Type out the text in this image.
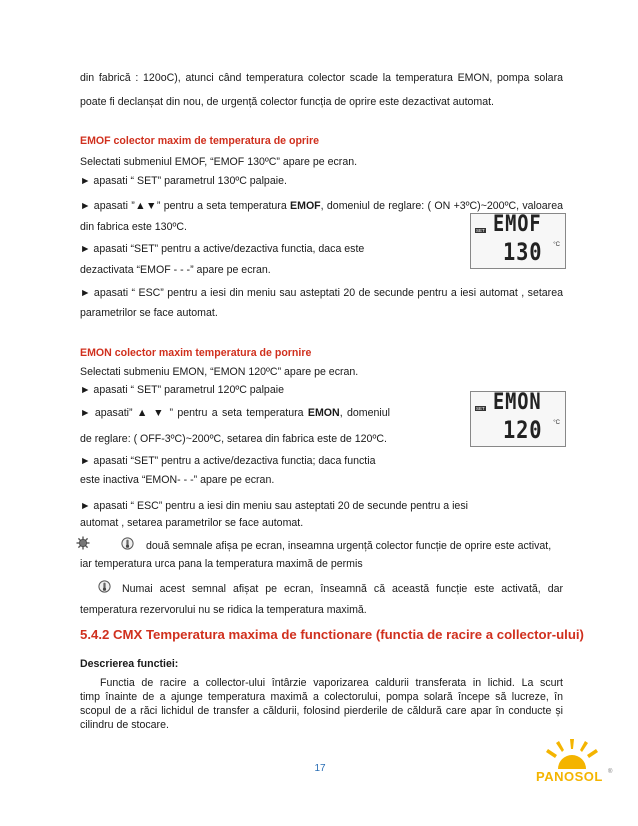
din fabrică : 120oC), atunci când temperatura colector scade la temperatura EMON, pompa solara
poate fi declanșat din nou, de urgență colector funcția de oprire este dezactivat automat.
EMOF colector maxim de temperatura de oprire
Selectati submeniul EMOF, “EMOF 130ºC” apare pe ecran.
► apasati “ SET” parametrul 130ºC palpaie.
► apasati ”▲▼” pentru a seta temperatura EMOF, domeniul de reglare: ( ON +3ºC)~200ºC, valoarea
din fabrica este 130ºC.
► apasati “SET” pentru a active/dezactiva functia, daca este
dezactivata “EMOF - - -” apare pe ecran.
SET EMOF
130 °C
► apasati “ ESC” pentru a iesi din meniu sau asteptati 20 de secunde pentru a iesi automat , setarea
parametrilor se face automat.
EMON colector maxim temperatura de pornire
Selectati submeniu EMON, “EMON 120ºC” apare pe ecran.
► apasati “ SET” parametrul 120ºC palpaie
► apasati” ▲ ▼ ” pentru a seta temperatura EMON, domeniul
de reglare: ( OFF-3ºC)~200ºC, setarea din fabrica este de 120ºC.
► apasati “SET” pentru a active/dezactiva functia; daca functia
este inactiva “EMON- - -” apare pe ecran.
SET EMON
120 °C
► apasati “ ESC” pentru a iesi din meniu sau asteptati 20 de secunde pentru a iesi
automat , setarea parametrilor se face automat.
două semnale afișa pe ecran, inseamna urgență colector funcție de oprire este activat,
iar temperatura urca pana la temperatura maximă de permis
Numai acest semnal afișat pe ecran, înseamnă că această funcție este activată, dar
temperatura rezervorului nu se ridica la temperatura maximă.
5.4.2 CMX Temperatura maxima de functionare (functia de racire a collector-ului)
Descrierea functiei:
Functia de racire a collector-ului întârzie vaporizarea caldurii transferata in lichid. La scurt
timp înainte de a ajunge temperatura maximă a colectorului, pompa solară începe să lucreze, în
scopul de a răci lichidul de transfer a căldurii, folosind pierderile de căldură care apar în conducte și
cilindru de stocare.
17
PANOSOL ®
